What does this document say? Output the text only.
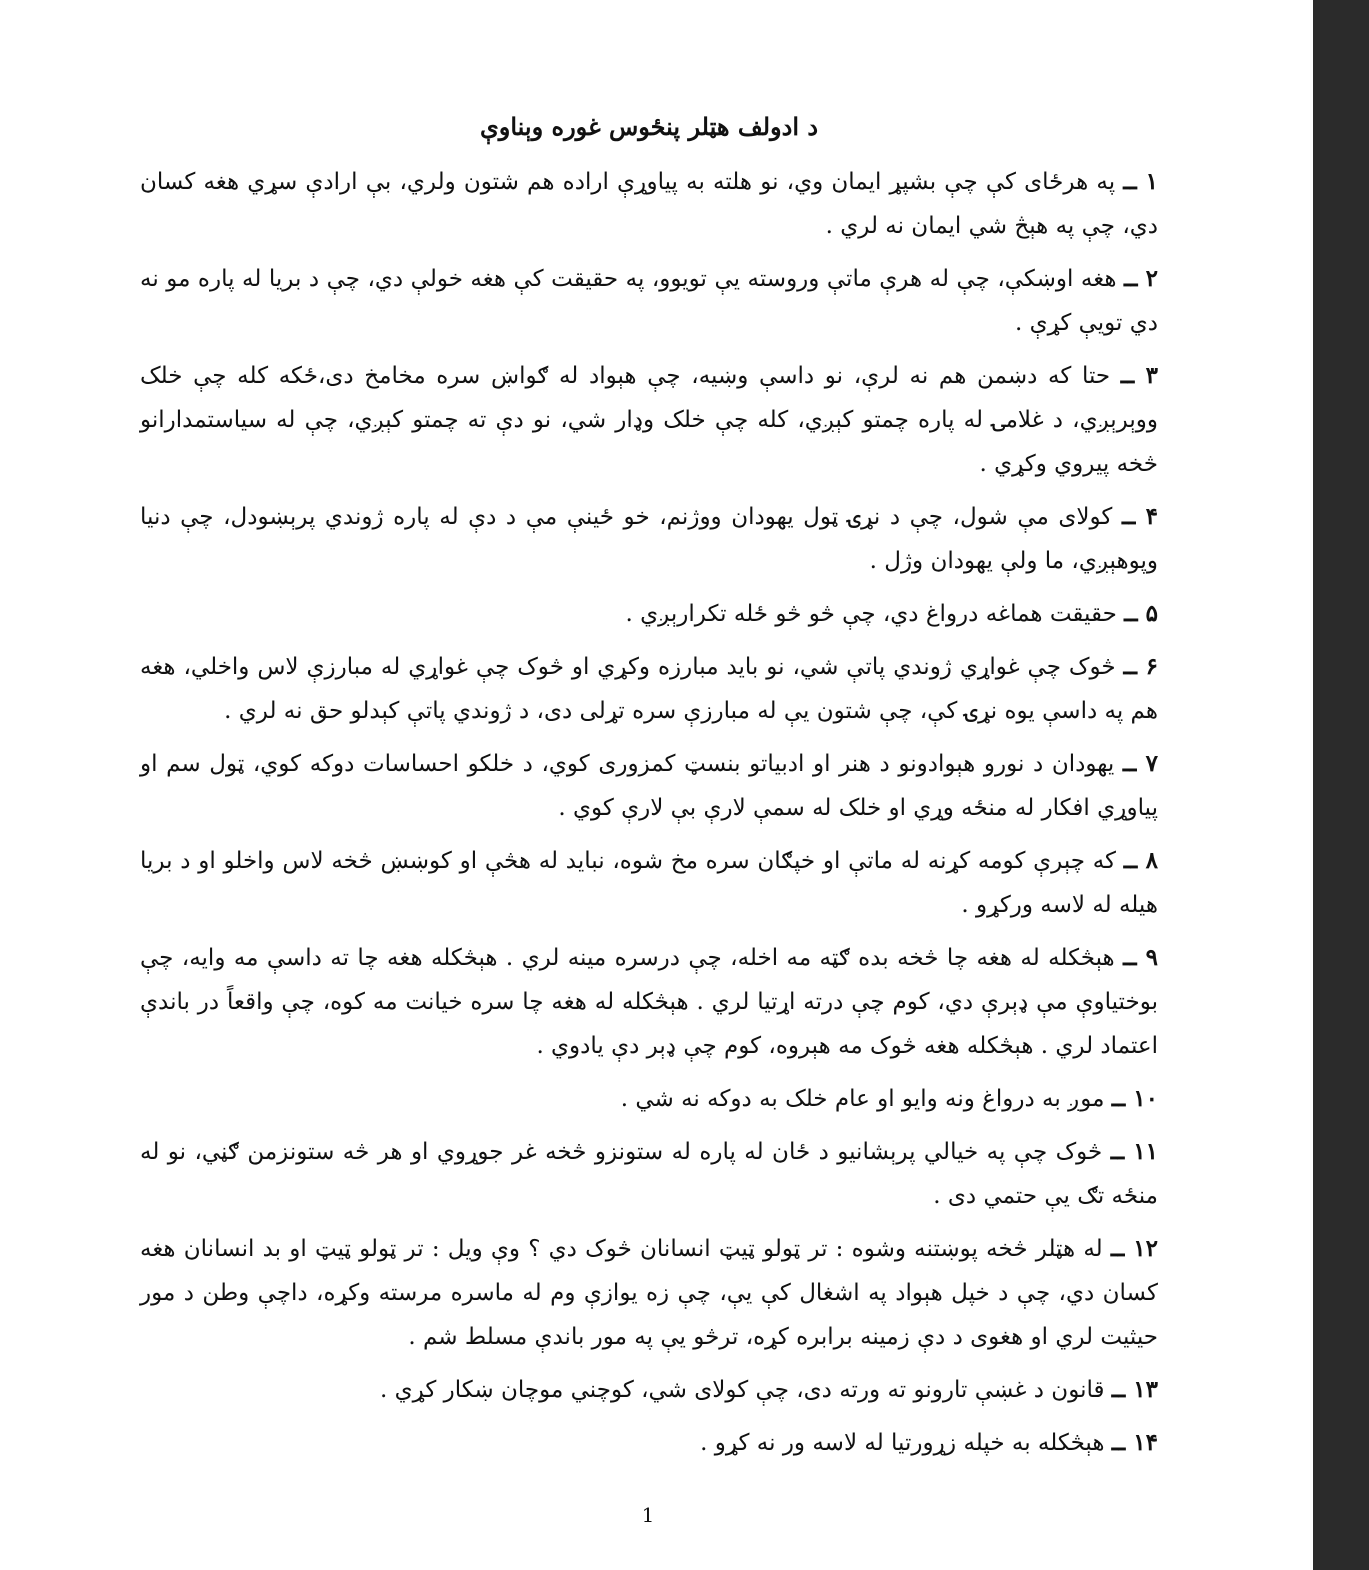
د ادولف هټلر پنځوس غوره وېناوې

۱ ــ په هرځای کې چې بشپړ ایمان وي، نو هلته به پیاوړې اراده هم شتون ولري، بې ارادې سړي هغه کسان دي، چې په هېڅ شي ایمان نه لري .

۲ ــ هغه اوښکې، چې له هرې ماتې وروسته یې تویوو، په حقیقت کې هغه خولې دي، چې د بریا له پاره مو نه دي تویې کړې .

۳ ــ حتا که دښمن هم نه لرې، نو داسې وښیه، چې هېواد له ګواښ سره مخامخ دی،ځکه کله چې خلک ووېرېږي، د غلامۍ له پاره چمتو کېږي، کله چې خلک وډار شي، نو دې ته چمتو کېږي، چې له سیاستمدارانو څخه پیروي وکړي .

۴ ــ کولای مې شول، چې د نړۍ ټول یهودان ووژنم، خو ځینې مې د دې له پاره ژوندي پرېښودل، چې دنیا وپوهېږي، ما ولې یهودان وژل .

۵ ــ حقیقت هماغه درواغ دي، چې څو څو ځله تکرارېږي .

۶ ــ څوک چې غواړي ژوندي پاتې شي، نو باید مبارزه وکړي او څوک چې غواړي له مبارزې لاس واخلي، هغه هم په داسې یوه نړۍ کې، چې شتون یې له مبارزې سره تړلی دی، د ژوندي پاتې کېدلو حق نه لري .

۷ ــ یهودان د نورو هېوادونو د هنر او ادبیاتو بنسټ کمزوری کوي، د خلکو احساسات دوکه کوي، ټول سم او پیاوړي افکار له منځه وړي او خلک له سمې لارې بې لارې کوي .

۸ ــ که چېرې کومه کړنه له ماتې او خپګان سره مخ شوه، نباید له هڅې او کوښښ څخه لاس واخلو او د بریا هیله له لاسه ورکړو .

۹ ــ هېڅکله له هغه چا څخه بده ګټه مه اخله، چې درسره مینه لري . هېڅکله هغه چا ته داسې مه وایه، چې بوختیاوې مې ډېرې دي، کوم چې درته اړتیا لري . هېڅکله له هغه چا سره خیانت مه کوه، چې واقعاً در باندې اعتماد لري . هېڅکله هغه څوک مه هېروه، کوم چې ډېر دې یادوي .

۱۰ ــ موږ به درواغ ونه وایو او عام خلک به دوکه نه شي .

۱۱ ــ څوک چې په خیالي پرېشانیو د ځان له پاره له ستونزو څخه غر جوړوي او هر څه ستونزمن ګڼي، نو له منځه تګ یې حتمي دی .

۱۲ ــ له هټلر څخه پوښتنه وشوه : تر ټولو ټیټ انسانان څوک دي ؟ وې ویل : تر ټولو ټیټ او بد انسانان هغه کسان دي، چې د خپل هېواد په اشغال کې یې، چې زه یوازې وم له ماسره مرسته وکړه، داچې وطن د مور حیثیت لري او هغوی د دې زمینه برابره کړه، ترڅو یې په مور باندې مسلط شم .

۱۳ ــ قانون د غښې تارونو ته ورته دی، چې کولای شي، کوچني موچان ښکار کړي .

۱۴ ــ هېڅکله به خپله زړورتیا له لاسه ور نه کړو .

1
